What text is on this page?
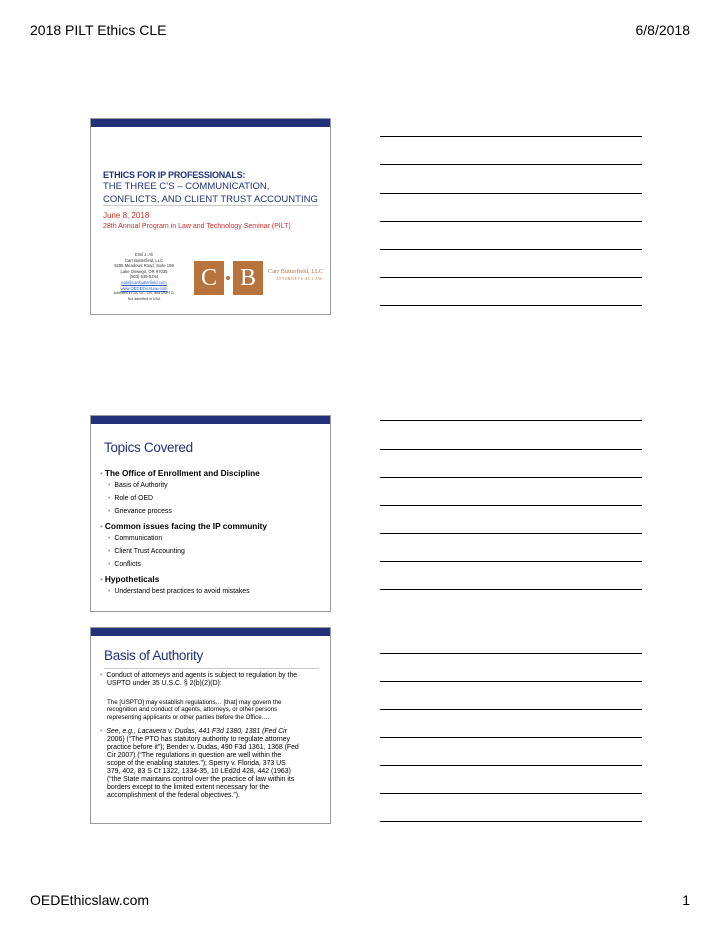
2018 PILT Ethics CLE	6/8/2018
ETHICS FOR IP PROFESSIONALS:
THE THREE C’S – COMMUNICATION,
CONFLICTS, AND CLIENT TRUST ACCOUNTING
June 8, 2018
28th Annual Program in Law and Technology Seminar (PILT)
Emil J. Ali
Carr Butterfield, LLC
5285 Meadows Road, Suite 199
Lake Oswego, OR 97035
(503) 635-5244
eali@carrbutterfield.com
www.OEDEthicsLaw.com
Admitted in CA, DC, OR, and USPTO;
Not admitted in USA
C B	Carr Butterfield, LLC
ATTORNEYS AT LAW
Topics Covered
• The Office of Enrollment and Discipline
• Basis of Authority
• Role of OED
• Grievance process
• Common issues facing the IP community
• Communication
• Client Trust Accounting
• Conflicts
• Hypotheticals
• Understand best practices to avoid mistakes
Basis of Authority
• Conduct of attorneys and agents is subject to regulation by the
USPTO under 35 U.S.C. § 2(b)(2)(D):
The [USPTO] may establish regulations… [that] may govern the
recognition and conduct of agents, attorneys, or other persons
representing applicants or other parties before the Office….
• See, e.g., Lacavera v. Dudas, 441 F3d 1380, 1381 (Fed Cir
2006) (“The PTO has statutory authority to regulate attorney
practice before it”); Bender v. Dudas, 490 F3d 1361, 1368 (Fed
Cir 2007) (“The regulations in question are well within the
scope of the enabling statutes.”); Sperry v. Florida, 373 US
379, 402, 83 S Ct 1322, 1334-35, 10 LEd2d 428, 442 (1963)
(“the State maintains control over the practice of law within its
borders except to the limited extent necessary for the
accomplishment of the federal objectives.”).
OEDEthicslaw.com	1
